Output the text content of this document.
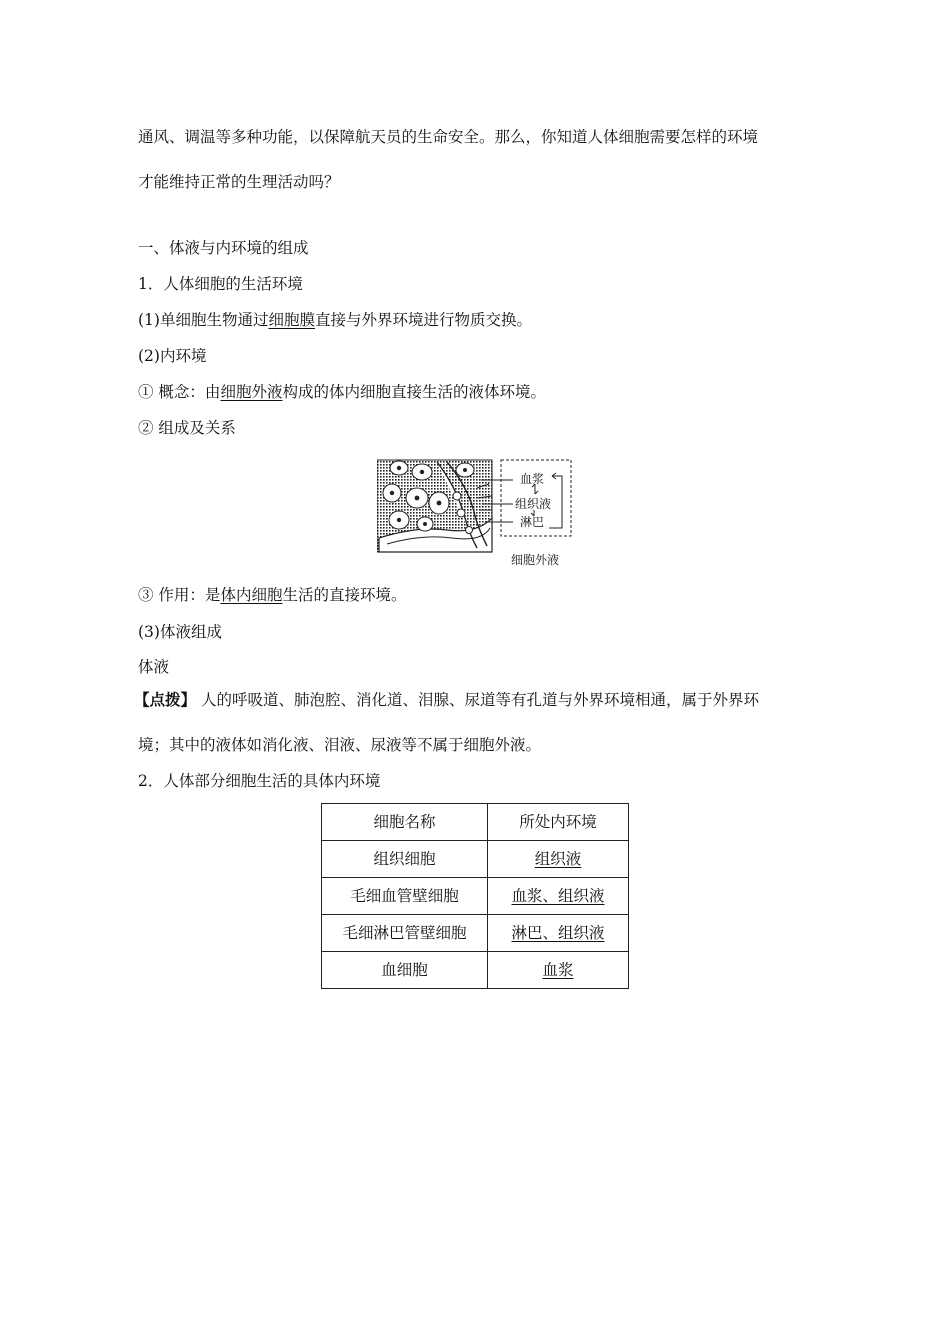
通风、调温等多种功能，以保障航天员的生命安全。那么，你知道人体细胞需要怎样的环境
才能维持正常的生理活动吗？
一、体液与内环境的组成
1．人体细胞的生活环境
(1)单细胞生物通过细胞膜直接与外界环境进行物质交换。
(2)内环境
① 概念：由细胞外液构成的体内细胞直接生活的液体环境。
② 组成及关系
血浆
组织液
淋巴
细胞外液
③ 作用：是体内细胞生活的直接环境。
(3)体液组成
体液
【点拨】 人的呼吸道、肺泡腔、消化道、泪腺、尿道等有孔道与外界环境相通，属于外界环
境；其中的液体如消化液、泪液、尿液等不属于细胞外液。
2．人体部分细胞生活的具体内环境
细胞名称	所处内环境
组织细胞	组织液
毛细血管壁细胞	血浆、组织液
毛细淋巴管壁细胞	淋巴、组织液
血细胞	血浆
